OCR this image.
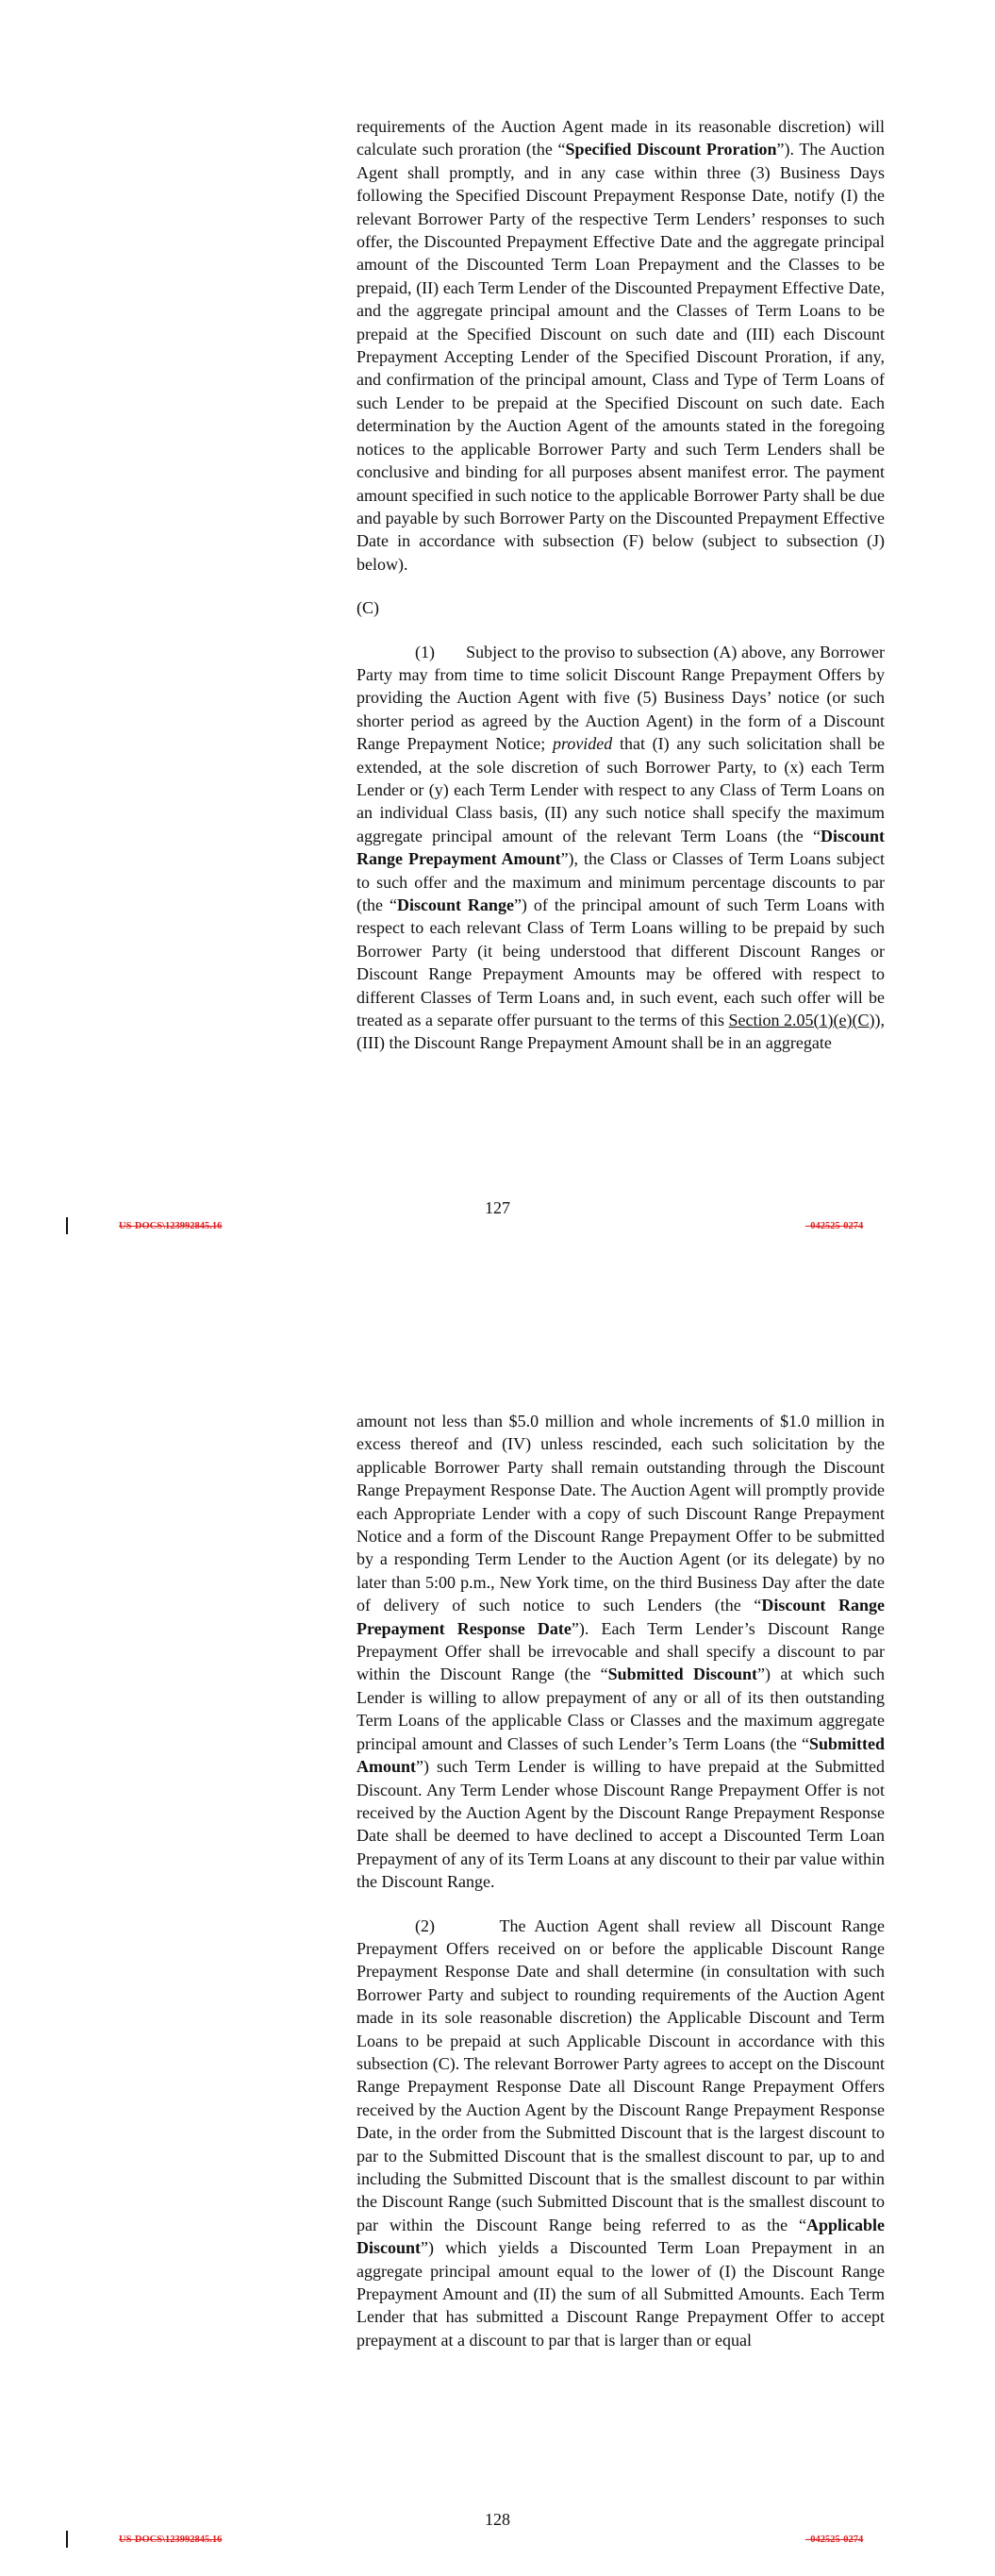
requirements of the Auction Agent made in its reasonable discretion) will calculate such proration (the “Specified Discount Proration”). The Auction Agent shall promptly, and in any case within three (3) Business Days following the Specified Discount Prepayment Response Date, notify (I) the relevant Borrower Party of the respective Term Lenders’ responses to such offer, the Discounted Prepayment Effective Date and the aggregate principal amount of the Discounted Term Loan Prepayment and the Classes to be prepaid, (II) each Term Lender of the Discounted Prepayment Effective Date, and the aggregate principal amount and the Classes of Term Loans to be prepaid at the Specified Discount on such date and (III) each Discount Prepayment Accepting Lender of the Specified Discount Proration, if any, and confirmation of the principal amount, Class and Type of Term Loans of such Lender to be prepaid at the Specified Discount on such date. Each determination by the Auction Agent of the amounts stated in the foregoing notices to the applicable Borrower Party and such Term Lenders shall be conclusive and binding for all purposes absent manifest error. The payment amount specified in such notice to the applicable Borrower Party shall be due and payable by such Borrower Party on the Discounted Prepayment Effective Date in accordance with subsection (F) below (subject to subsection (J) below).

(C)

(1) Subject to the proviso to subsection (A) above, any Borrower Party may from time to time solicit Discount Range Prepayment Offers by providing the Auction Agent with five (5) Business Days’ notice (or such shorter period as agreed by the Auction Agent) in the form of a Discount Range Prepayment Notice; provided that (I) any such solicitation shall be extended, at the sole discretion of such Borrower Party, to (x) each Term Lender or (y) each Term Lender with respect to any Class of Term Loans on an individual Class basis, (II) any such notice shall specify the maximum aggregate principal amount of the relevant Term Loans (the “Discount Range Prepayment Amount”), the Class or Classes of Term Loans subject to such offer and the maximum and minimum percentage discounts to par (the “Discount Range”) of the principal amount of such Term Loans with respect to each relevant Class of Term Loans willing to be prepaid by such Borrower Party (it being understood that different Discount Ranges or Discount Range Prepayment Amounts may be offered with respect to different Classes of Term Loans and, in such event, each such offer will be treated as a separate offer pursuant to the terms of this Section 2.05(1)(e)(C)), (III) the Discount Range Prepayment Amount shall be in an aggregate

127
US-DOCS\123992845.16	–042525-0274

amount not less than $5.0 million and whole increments of $1.0 million in excess thereof and (IV) unless rescinded, each such solicitation by the applicable Borrower Party shall remain outstanding through the Discount Range Prepayment Response Date. The Auction Agent will promptly provide each Appropriate Lender with a copy of such Discount Range Prepayment Notice and a form of the Discount Range Prepayment Offer to be submitted by a responding Term Lender to the Auction Agent (or its delegate) by no later than 5:00 p.m., New York time, on the third Business Day after the date of delivery of such notice to such Lenders (the “Discount Range Prepayment Response Date”). Each Term Lender’s Discount Range Prepayment Offer shall be irrevocable and shall specify a discount to par within the Discount Range (the “Submitted Discount”) at which such Lender is willing to allow prepayment of any or all of its then outstanding Term Loans of the applicable Class or Classes and the maximum aggregate principal amount and Classes of such Lender’s Term Loans (the “Submitted Amount”) such Term Lender is willing to have prepaid at the Submitted Discount. Any Term Lender whose Discount Range Prepayment Offer is not received by the Auction Agent by the Discount Range Prepayment Response Date shall be deemed to have declined to accept a Discounted Term Loan Prepayment of any of its Term Loans at any discount to their par value within the Discount Range.

(2)	The Auction Agent shall review all Discount Range Prepayment Offers received on or before the applicable Discount Range Prepayment Response Date and shall determine (in consultation with such Borrower Party and subject to rounding requirements of the Auction Agent made in its sole reasonable discretion) the Applicable Discount and Term Loans to be prepaid at such Applicable Discount in accordance with this subsection (C). The relevant Borrower Party agrees to accept on the Discount Range Prepayment Response Date all Discount Range Prepayment Offers received by the Auction Agent by the Discount Range Prepayment Response Date, in the order from the Submitted Discount that is the largest discount to par to the Submitted Discount that is the smallest discount to par, up to and including the Submitted Discount that is the smallest discount to par within the Discount Range (such Submitted Discount that is the smallest discount to par within the Discount Range being referred to as the “Applicable Discount”) which yields a Discounted Term Loan Prepayment in an aggregate principal amount equal to the lower of (I) the Discount Range Prepayment Amount and (II) the sum of all Submitted Amounts. Each Term Lender that has submitted a Discount Range Prepayment Offer to accept prepayment at a discount to par that is larger than or equal

128
US-DOCS\123992845.16	–042525-0274
